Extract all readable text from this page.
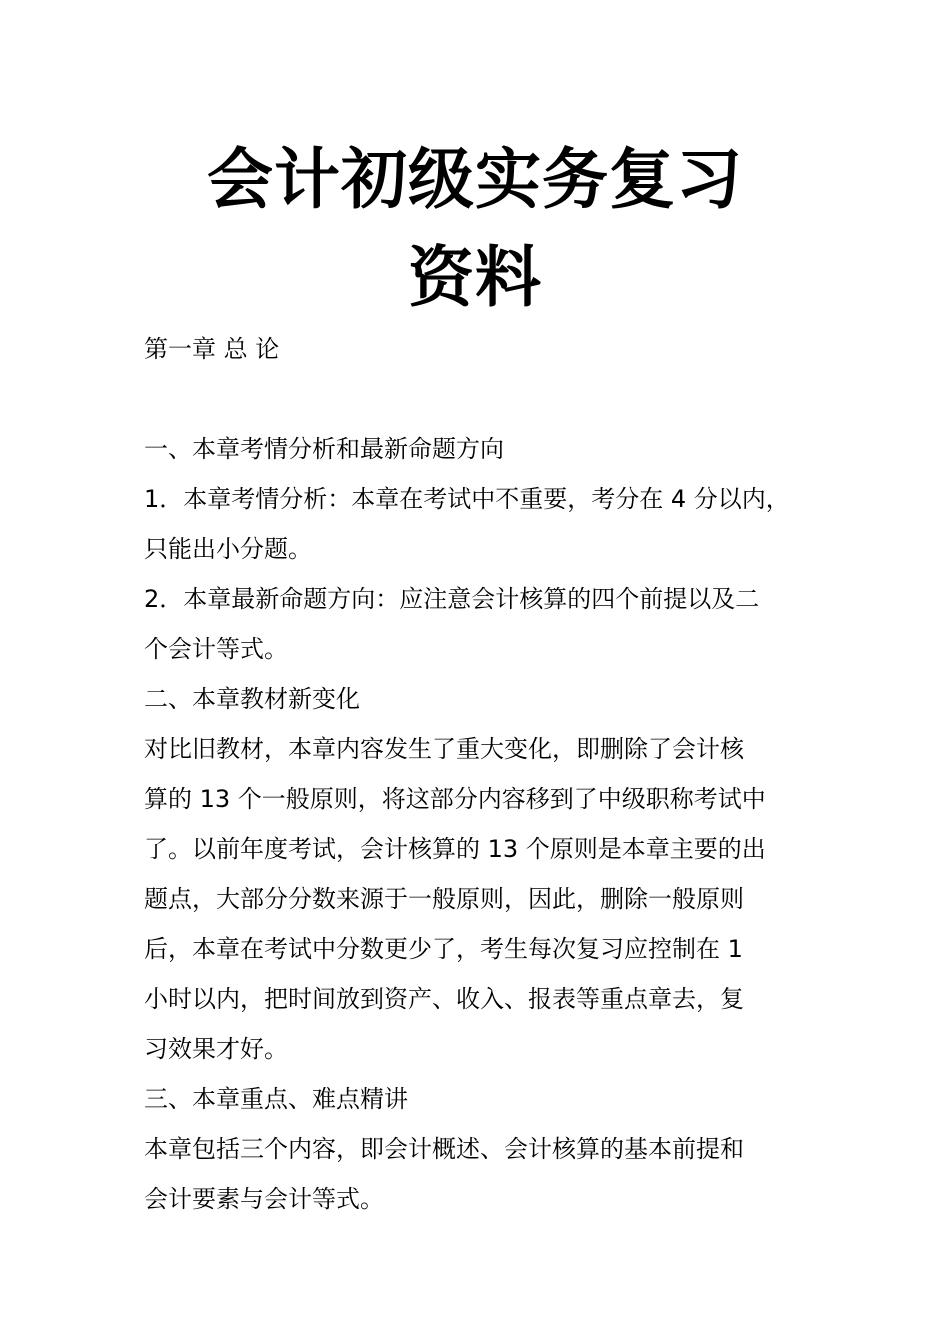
会计初级实务复习
资料

第一章 总 论

一、本章考情分析和最新命题方向

1．本章考情分析：本章在考试中不重要，考分在 4 分以内，

只能出小分题。

2．本章最新命题方向：应注意会计核算的四个前提以及二

个会计等式。

二、本章教材新变化

对比旧教材，本章内容发生了重大变化，即删除了会计核

算的 13 个一般原则，将这部分内容移到了中级职称考试中

了。以前年度考试，会计核算的 13 个原则是本章主要的出

题点，大部分分数来源于一般原则，因此，删除一般原则

后，本章在考试中分数更少了，考生每次复习应控制在 1

小时以内，把时间放到资产、收入、报表等重点章去，复

习效果才好。

三、本章重点、难点精讲

本章包括三个内容，即会计概述、会计核算的基本前提和

会计要素与会计等式。
